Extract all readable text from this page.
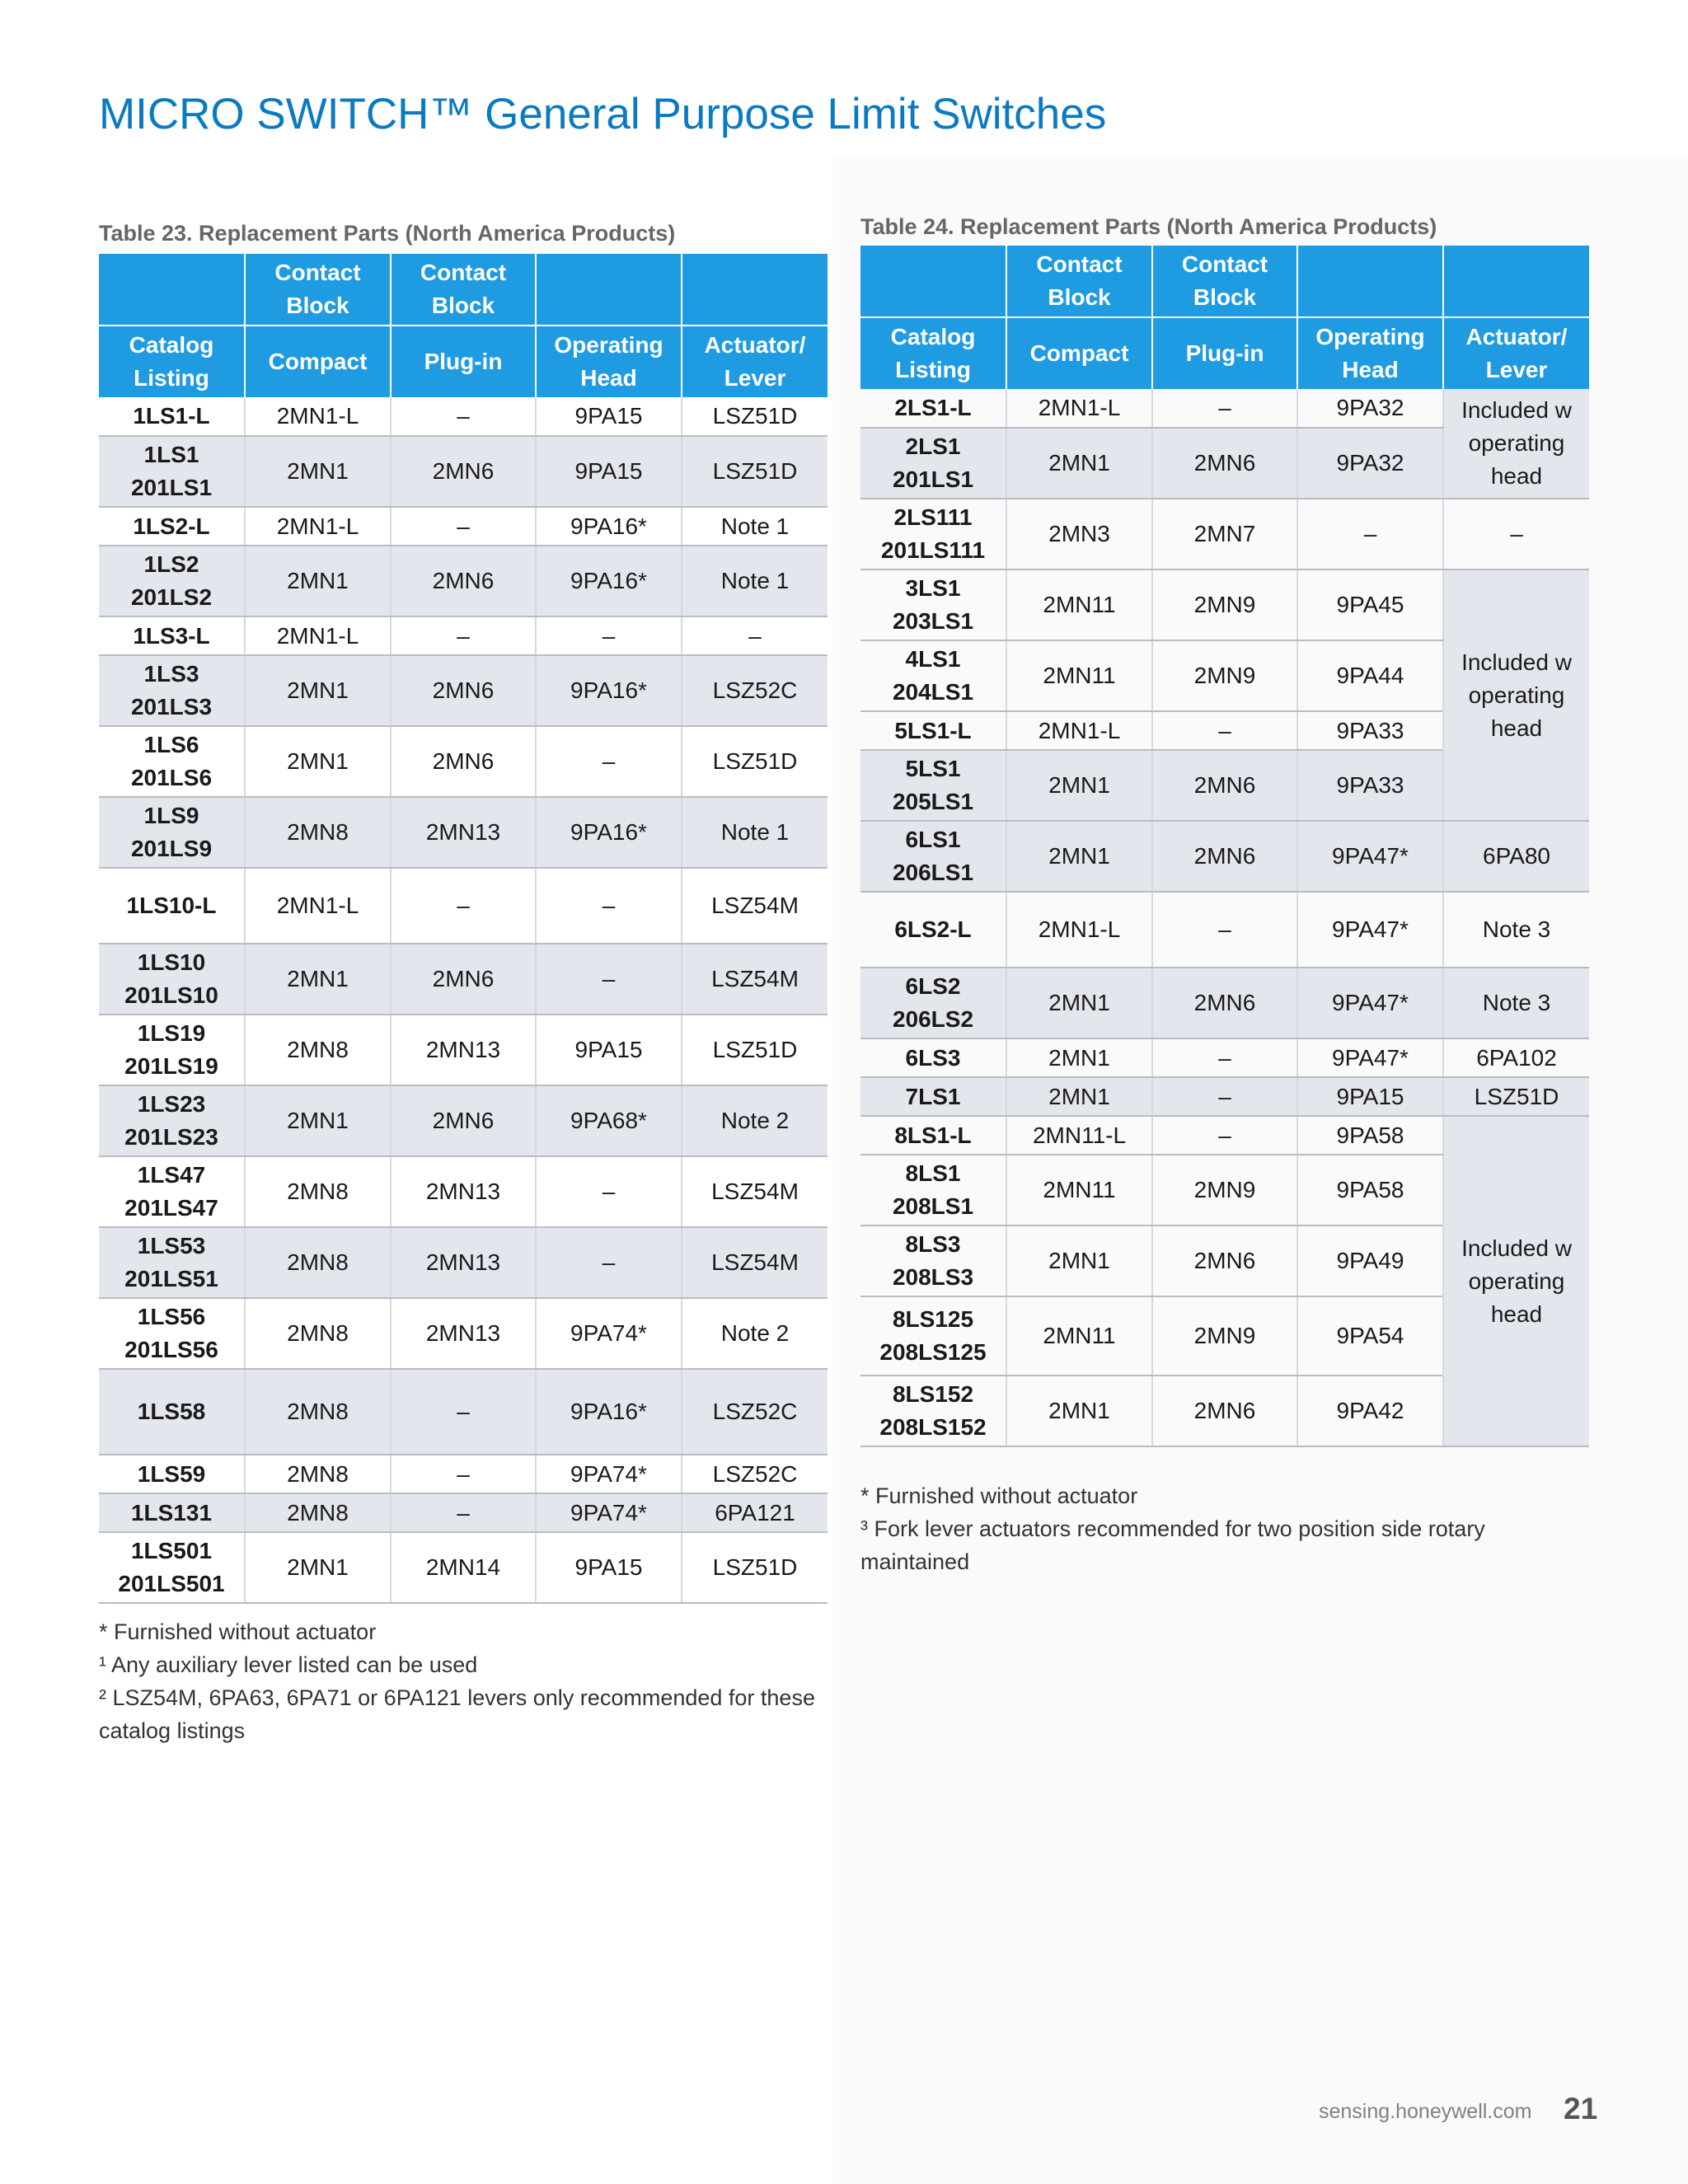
MICRO SWITCH™ General Purpose Limit Switches
Table 23. Replacement Parts (North America Products)
	Contact Block	Contact Block		
Catalog Listing	Compact	Plug-in	Operating Head	Actuator/ Lever
1LS1-L	2MN1-L	–	9PA15	LSZ51D
1LS1
201LS1	2MN1	2MN6	9PA15	LSZ51D
1LS2-L	2MN1-L	–	9PA16*	Note 1
1LS2
201LS2	2MN1	2MN6	9PA16*	Note 1
1LS3-L	2MN1-L	–	–	–
1LS3
201LS3	2MN1	2MN6	9PA16*	LSZ52C
1LS6
201LS6	2MN1	2MN6	–	LSZ51D
1LS9
201LS9	2MN8	2MN13	9PA16*	Note 1
1LS10-L	2MN1-L	–	–	LSZ54M
1LS10
201LS10	2MN1	2MN6	–	LSZ54M
1LS19
201LS19	2MN8	2MN13	9PA15	LSZ51D
1LS23
201LS23	2MN1	2MN6	9PA68*	Note 2
1LS47
201LS47	2MN8	2MN13	–	LSZ54M
1LS53
201LS51	2MN8	2MN13	–	LSZ54M
1LS56
201LS56	2MN8	2MN13	9PA74*	Note 2
1LS58	2MN8	–	9PA16*	LSZ52C
1LS59	2MN8	–	9PA74*	LSZ52C
1LS131	2MN8	–	9PA74*	6PA121
1LS501
201LS501	2MN1	2MN14	9PA15	LSZ51D

* Furnished without actuator

¹ Any auxiliary lever listed can be used

² LSZ54M, 6PA63, 6PA71 or 6PA121 levers only recommended for these catalog listings

Table 24. Replacement Parts (North America Products)
	Contact Block	Contact Block		
Catalog Listing	Compact	Plug-in	Operating Head	Actuator/ Lever
2LS1-L	2MN1-L	–	9PA32	Included w operating head
2LS1
201LS1	2MN1	2MN6	9PA32	
2LS111
201LS111	2MN3	2MN7	–	–
3LS1
203LS1	2MN11	2MN9	9PA45	Included w operating head
4LS1
204LS1	2MN11	2MN9	9PA44	
5LS1-L	2MN1-L	–	9PA33	
5LS1
205LS1	2MN1	2MN6	9PA33	
6LS1
206LS1	2MN1	2MN6	9PA47*	6PA80
6LS2-L	2MN1-L	–	9PA47*	Note 3
6LS2
206LS2	2MN1	2MN6	9PA47*	Note 3
6LS3	2MN1	–	9PA47*	6PA102
7LS1	2MN1	–	9PA15	LSZ51D
8LS1-L	2MN11-L	–	9PA58	Included w operating head
8LS1
208LS1	2MN11	2MN9	9PA58	
8LS3
208LS3	2MN1	2MN6	9PA49	
8LS125
208LS125	2MN11	2MN9	9PA54	
8LS152
208LS152	2MN1	2MN6	9PA42	

* Furnished without actuator

³ Fork lever actuators recommended for two position side rotary maintained

sensing.honeywell.com 21
